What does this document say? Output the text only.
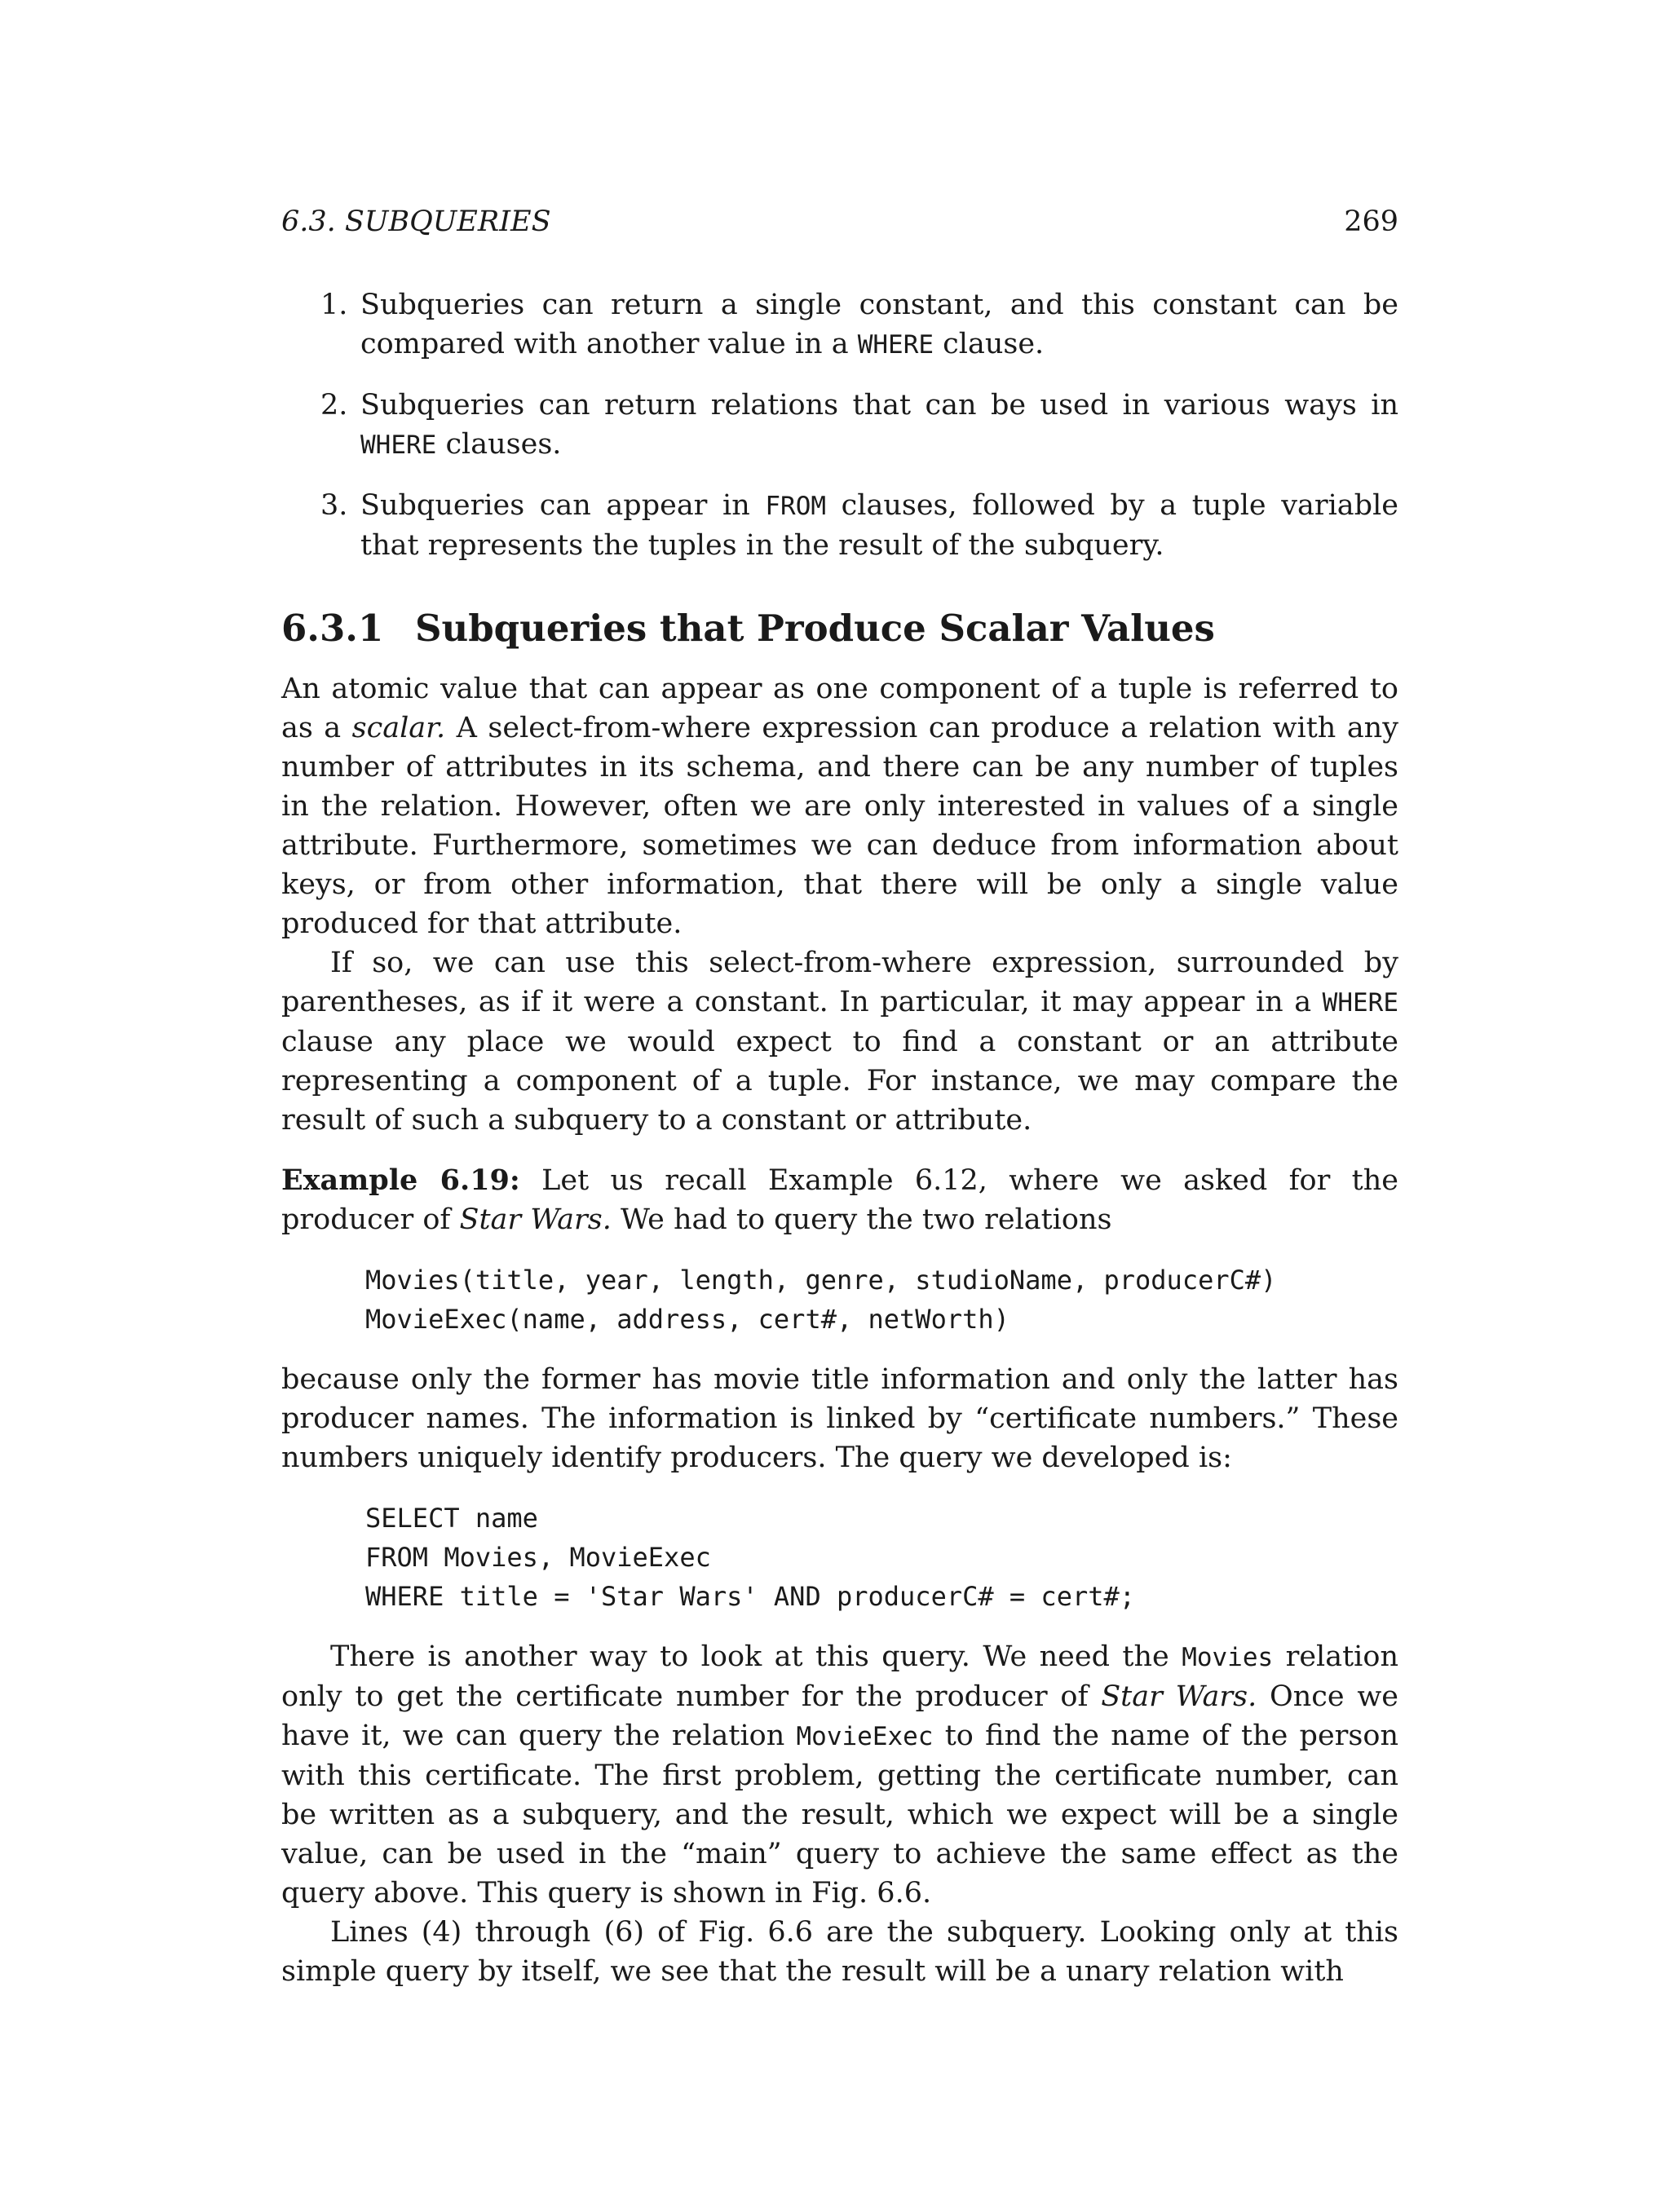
6.3. SUBQUERIES	269
1. Subqueries can return a single constant, and this constant can be compared with another value in a WHERE clause.
2. Subqueries can return relations that can be used in various ways in WHERE clauses.
3. Subqueries can appear in FROM clauses, followed by a tuple variable that represents the tuples in the result of the subquery.
6.3.1 Subqueries that Produce Scalar Values

An atomic value that can appear as one component of a tuple is referred to as a scalar. A select-from-where expression can produce a relation with any number of attributes in its schema, and there can be any number of tuples in the relation. However, often we are only interested in values of a single attribute. Furthermore, sometimes we can deduce from information about keys, or from other information, that there will be only a single value produced for that attribute.

If so, we can use this select-from-where expression, surrounded by parentheses, as if it were a constant. In particular, it may appear in a WHERE clause any place we would expect to find a constant or an attribute representing a component of a tuple. For instance, we may compare the result of such a subquery to a constant or attribute.

Example 6.19: Let us recall Example 6.12, where we asked for the producer of Star Wars. We had to query the two relations

Movies(title, year, length, genre, studioName, producerC#)
MovieExec(name, address, cert#, netWorth)

because only the former has movie title information and only the latter has producer names. The information is linked by “certificate numbers.” These numbers uniquely identify producers. The query we developed is:

SELECT name
FROM Movies, MovieExec
WHERE title = 'Star Wars' AND producerC# = cert#;

There is another way to look at this query. We need the Movies relation only to get the certificate number for the producer of Star Wars. Once we have it, we can query the relation MovieExec to find the name of the person with this certificate. The first problem, getting the certificate number, can be written as a subquery, and the result, which we expect will be a single value, can be used in the “main” query to achieve the same effect as the query above. This query is shown in Fig. 6.6.

Lines (4) through (6) of Fig. 6.6 are the subquery. Looking only at this simple query by itself, we see that the result will be a unary relation with
